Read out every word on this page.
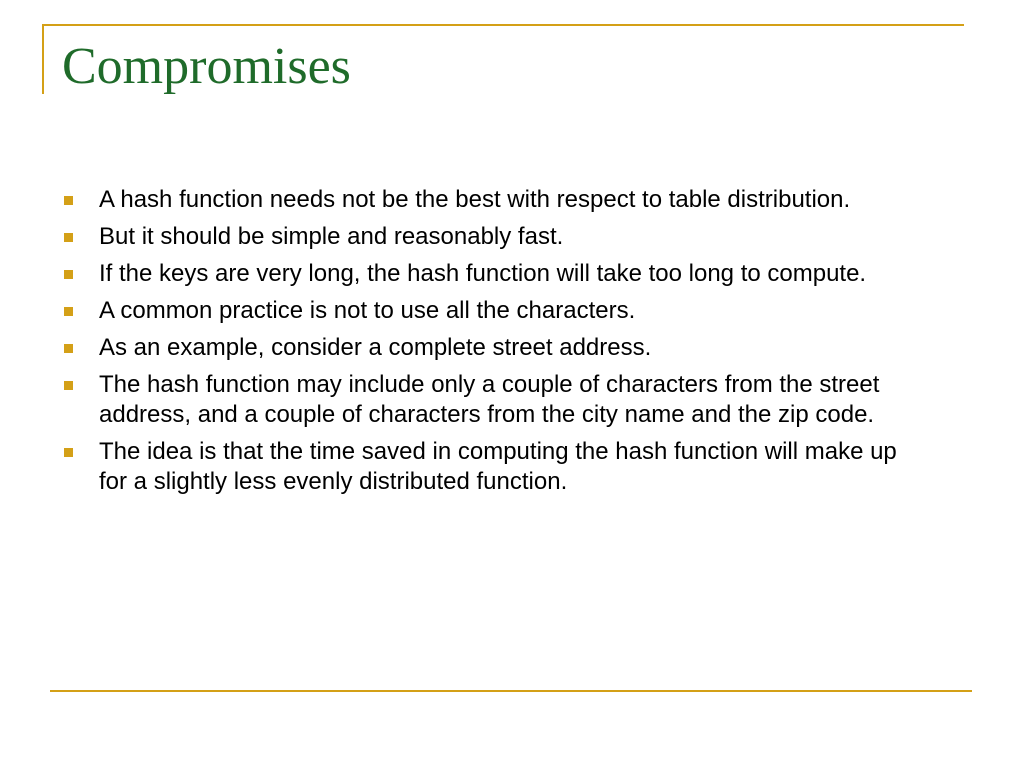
Compromises
A hash function needs not be the best with respect to table distribution.
But it should be simple and reasonably fast.
If the keys are very long, the hash function will take too long to compute.
A common practice is not to use all the characters.
As an example, consider a complete street address.
The hash function may include only a couple of characters from the street address, and a couple of characters from the city name and the zip code.
The idea is that the time saved in computing the hash function will make up for a slightly less evenly distributed function.
